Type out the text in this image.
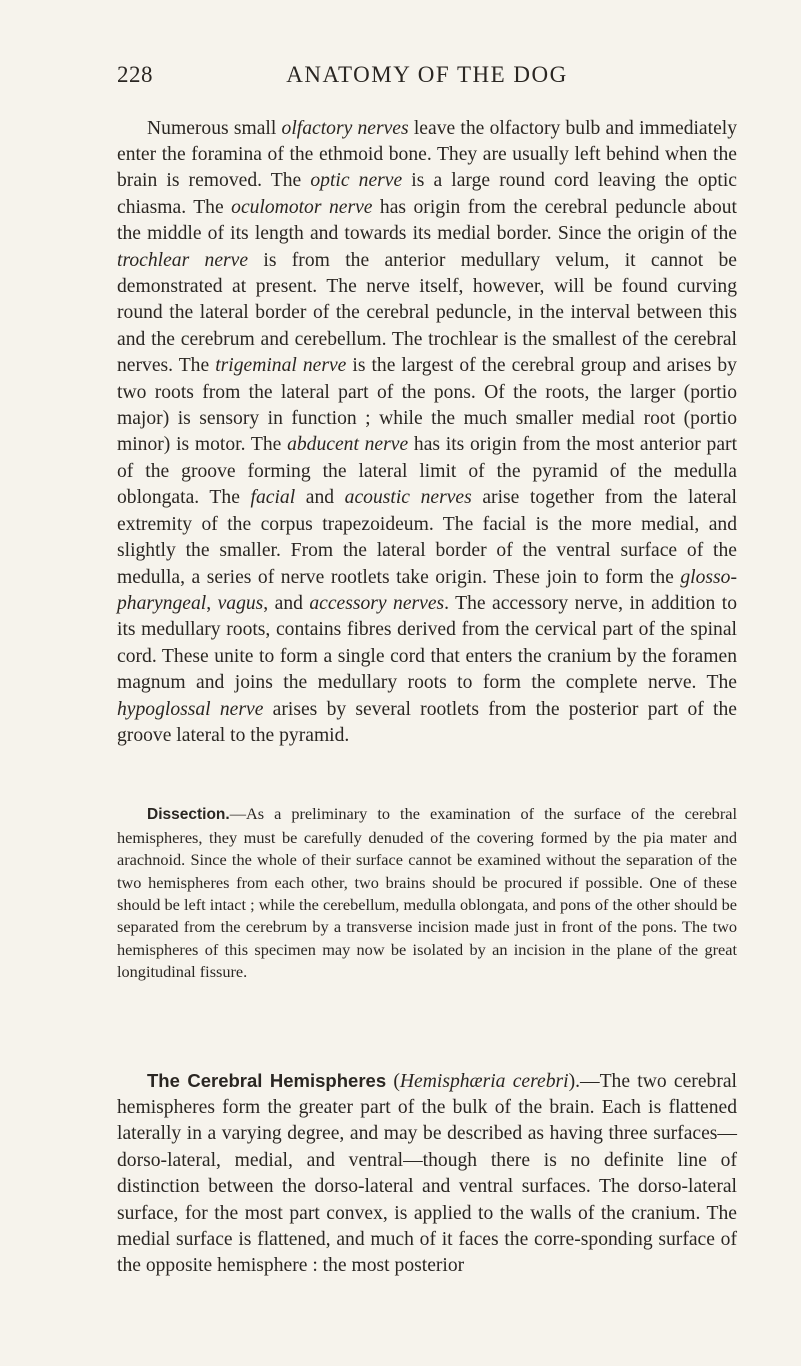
228	ANATOMY OF THE DOG

Numerous small olfactory nerves leave the olfactory bulb and immediately enter the foramina of the ethmoid bone. They are usually left behind when the brain is removed. The optic nerve is a large round cord leaving the optic chiasma. The oculomotor nerve has origin from the cerebral peduncle about the middle of its length and towards its medial border. Since the origin of the trochlear nerve is from the anterior medullary velum, it cannot be demonstrated at present. The nerve itself, however, will be found curving round the lateral border of the cerebral peduncle, in the interval between this and the cerebrum and cerebellum. The trochlear is the smallest of the cerebral nerves. The trigeminal nerve is the largest of the cerebral group and arises by two roots from the lateral part of the pons. Of the roots, the larger (portio major) is sensory in function ; while the much smaller medial root (portio minor) is motor. The abducent nerve has its origin from the most anterior part of the groove forming the lateral limit of the pyramid of the medulla oblongata. The facial and acoustic nerves arise together from the lateral extremity of the corpus trapezoideum. The facial is the more medial, and slightly the smaller. From the lateral border of the ventral surface of the medulla, a series of nerve rootlets take origin. These join to form the glosso-pharyngeal, vagus, and accessory nerves. The accessory nerve, in addition to its medullary roots, contains fibres derived from the cervical part of the spinal cord. These unite to form a single cord that enters the cranium by the foramen magnum and joins the medullary roots to form the complete nerve. The hypoglossal nerve arises by several rootlets from the posterior part of the groove lateral to the pyramid.

Dissection.—As a preliminary to the examination of the surface of the cerebral hemispheres, they must be carefully denuded of the covering formed by the pia mater and arachnoid. Since the whole of their surface cannot be examined without the separation of the two hemispheres from each other, two brains should be procured if possible. One of these should be left intact ; while the cerebellum, medulla oblongata, and pons of the other should be separated from the cerebrum by a transverse incision made just in front of the pons. The two hemispheres of this specimen may now be isolated by an incision in the plane of the great longitudinal fissure.

The Cerebral Hemispheres (Hemisphæria cerebri).—The two cerebral hemispheres form the greater part of the bulk of the brain. Each is flattened laterally in a varying degree, and may be described as having three surfaces—dorso-lateral, medial, and ventral—though there is no definite line of distinction between the dorso-lateral and ventral surfaces. The dorso-lateral surface, for the most part convex, is applied to the walls of the cranium. The medial surface is flattened, and much of it faces the corre-sponding surface of the opposite hemisphere : the most posterior
